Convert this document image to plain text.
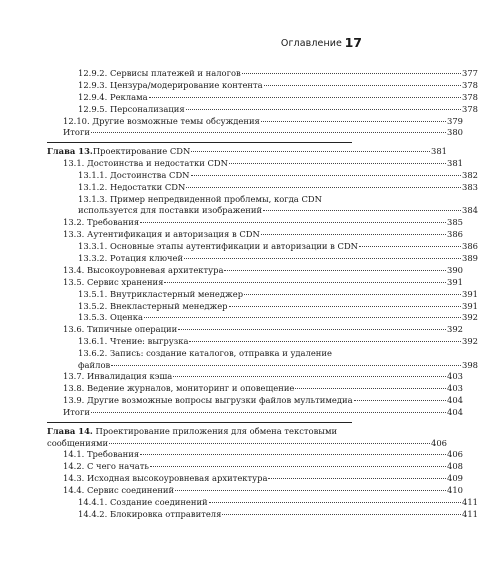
Оглавление 17
12.9.2. Сервисы платежей и налогов	377
12.9.3. Цензура/модерирование контента	378
12.9.4. Реклама	378
12.9.5. Персонализация	378
12.10. Другие возможные темы обсуждения	379
Итоги	380
Глава 13. Проектирование CDN	381
13.1. Достоинства и недостатки CDN	381
13.1.1. Достоинства CDN	382
13.1.2. Недостатки CDN	383
13.1.3. Пример непредвиденной проблемы, когда CDN
используется для поставки изображений	384
13.2. Требования	385
13.3. Аутентификация и авторизация в CDN	386
13.3.1. Основные этапы аутентификации и авторизации в CDN	386
13.3.2. Ротация ключей	389
13.4. Высокоуровневая архитектура	390
13.5. Сервис хранения	391
13.5.1. Внутрикластерный менеджер	391
13.5.2. Внекластерный менеджер	391
13.5.3. Оценка	392
13.6. Типичные операции	392
13.6.1. Чтение: выгрузка	392
13.6.2. Запись: создание каталогов, отправка и удаление
файлов	398
13.7. Инвалидация кэша	403
13.8. Ведение журналов, мониторинг и оповещение	403
13.9. Другие возможные вопросы выгрузки файлов мультимедиа	404
Итоги	404
Глава 14. Проектирование приложения для обмена текстовыми
сообщениями	406
14.1. Требования	406
14.2. С чего начать	408
14.3. Исходная высокоуровневая архитектура	409
14.4. Сервис соединений	410
14.4.1. Создание соединений	411
14.4.2. Блокировка отправителя	411
